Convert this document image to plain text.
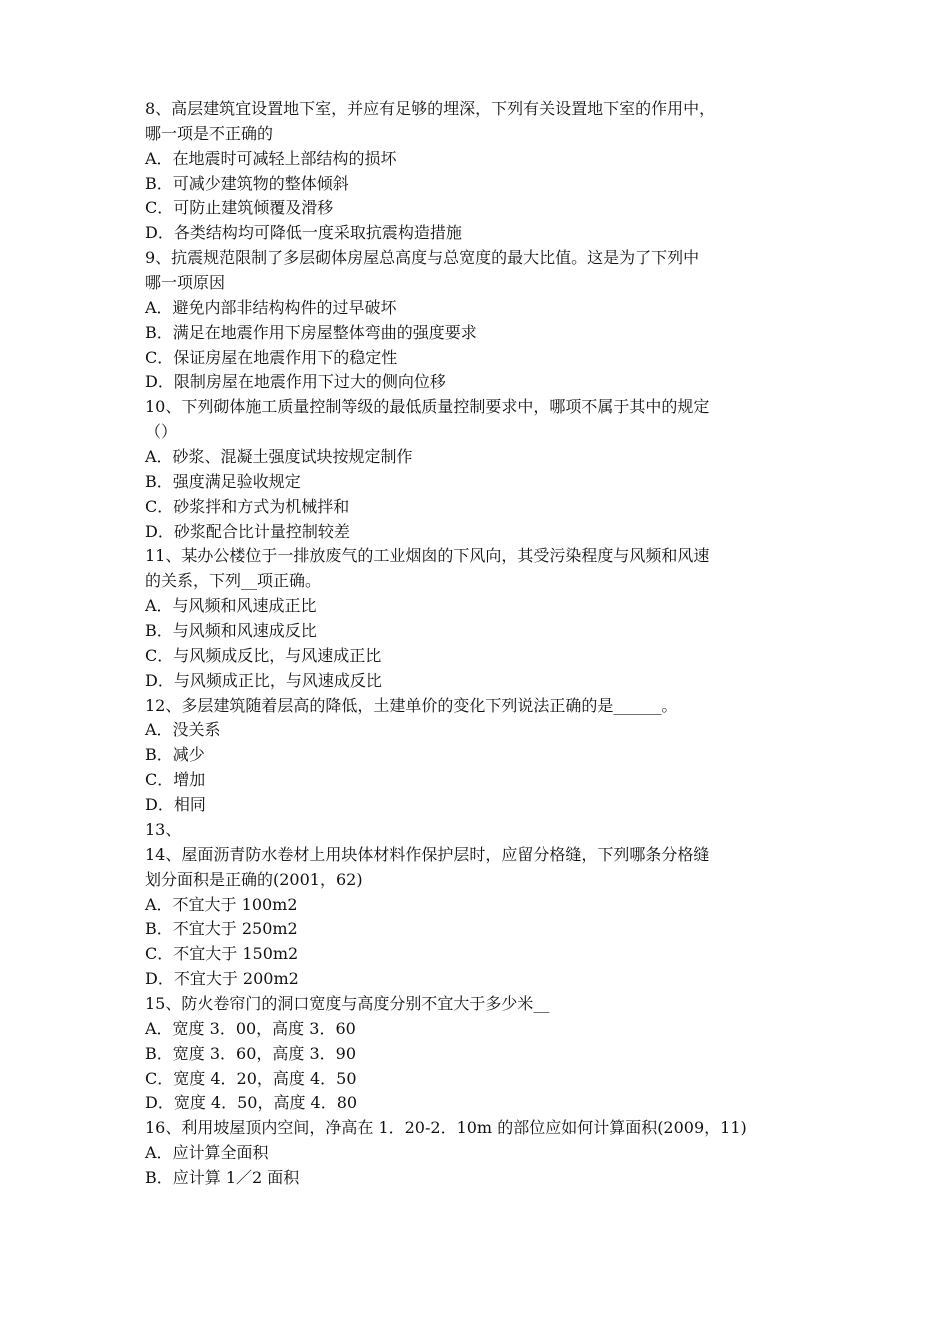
8、高层建筑宜设置地下室，并应有足够的埋深，下列有关设置地下室的作用中，
哪一项是不正确的
A．在地震时可减轻上部结构的损坏
B．可减少建筑物的整体倾斜
C．可防止建筑倾覆及滑移
D．各类结构均可降低一度采取抗震构造措施
9、抗震规范限制了多层砌体房屋总高度与总宽度的最大比值。这是为了下列中
哪一项原因
A．避免内部非结构构件的过早破坏
B．满足在地震作用下房屋整体弯曲的强度要求
C．保证房屋在地震作用下的稳定性
D．限制房屋在地震作用下过大的侧向位移
10、下列砌体施工质量控制等级的最低质量控制要求中，哪项不属于其中的规定
（）
A．砂浆、混凝土强度试块按规定制作
B．强度满足验收规定
C．砂浆拌和方式为机械拌和
D．砂浆配合比计量控制较差
11、某办公楼位于一排放废气的工业烟囱的下风向，其受污染程度与风频和风速
的关系，下列__项正确。
A．与风频和风速成正比
B．与风频和风速成反比
C．与风频成反比，与风速成正比
D．与风频成正比，与风速成反比
12、多层建筑随着层高的降低，土建单价的变化下列说法正确的是______。
A．没关系
B．减少
C．增加
D．相同
13、
14、屋面沥青防水卷材上用块体材料作保护层时，应留分格缝，下列哪条分格缝
划分面积是正确的(2001，62)
A．不宜大于 100m2
B．不宜大于 250m2
C．不宜大于 150m2
D．不宜大于 200m2
15、防火卷帘门的洞口宽度与高度分别不宜大于多少米__
A．宽度 3．00，高度 3．60
B．宽度 3．60，高度 3．90
C．宽度 4．20，高度 4．50
D．宽度 4．50，高度 4．80
16、利用坡屋顶内空间，净高在 1．20-2．10m 的部位应如何计算面积(2009，11)
A．应计算全面积
B．应计算 1／2 面积
